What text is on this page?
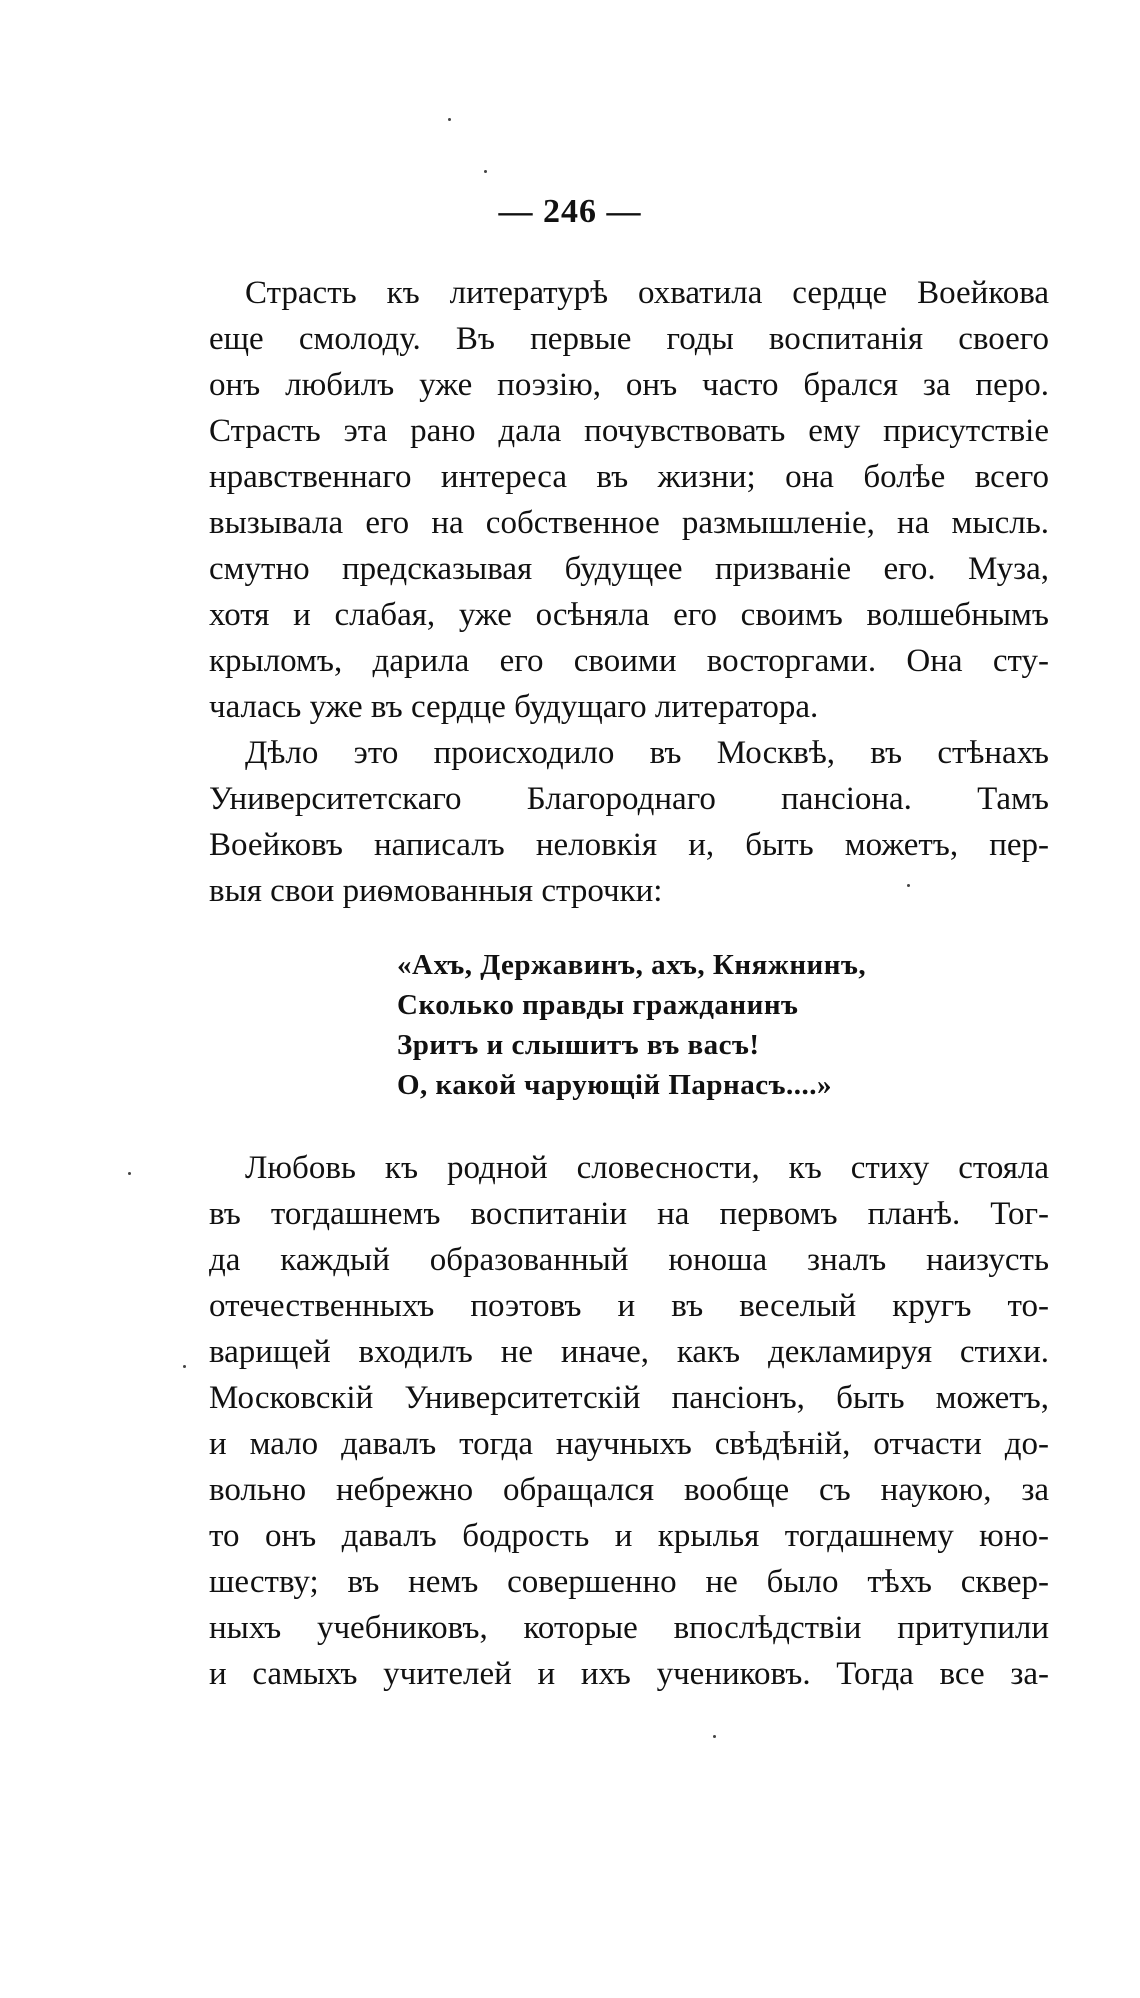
— 246 —
Страсть къ литературѣ охватила сердце Воейкова
еще смолоду. Въ первые годы воспитанія своего
онъ любилъ уже поэзію, онъ часто брался за перо.
Страсть эта рано дала почувствовать ему присутствіе
нравственнаго интереса въ жизни; она болѣе всего
вызывала его на собственное размышленіе, на мысль.
смутно предсказывая будущее призваніе его. Муза,
хотя и слабая, уже осѣняла его своимъ волшебнымъ
крыломъ, дарила его своими восторгами. Она сту-
чалась уже въ сердце будущаго литератора.
Дѣло это происходило въ Москвѣ, въ стѣнахъ
Университетскаго Благороднаго пансіона. Тамъ
Воейковъ написалъ неловкія и, быть можетъ, пер-
выя свои риѳмованныя строчки:
«Ахъ, Державинъ, ахъ, Княжнинъ,
Сколько правды гражданинъ
Зритъ и слышитъ въ васъ!
О, какой чарующій Парнасъ....»
Любовь къ родной словесности, къ стиху стояла
въ тогдашнемъ воспитаніи на первомъ планѣ. Тог-
да каждый образованный юноша зналъ наизусть
отечественныхъ поэтовъ и въ веселый кругъ то-
варищей входилъ не иначе, какъ декламируя стихи.
Московскій Университетскій пансіонъ, быть можетъ,
и мало давалъ тогда научныхъ свѣдѣній, отчасти до-
вольно небрежно обращался вообще съ наукою, за
то онъ давалъ бодрость и крылья тогдашнему юно-
шеству; въ немъ совершенно не было тѣхъ сквер-
ныхъ учебниковъ, которые впослѣдствіи притупили
и самыхъ учителей и ихъ учениковъ. Тогда все за-
